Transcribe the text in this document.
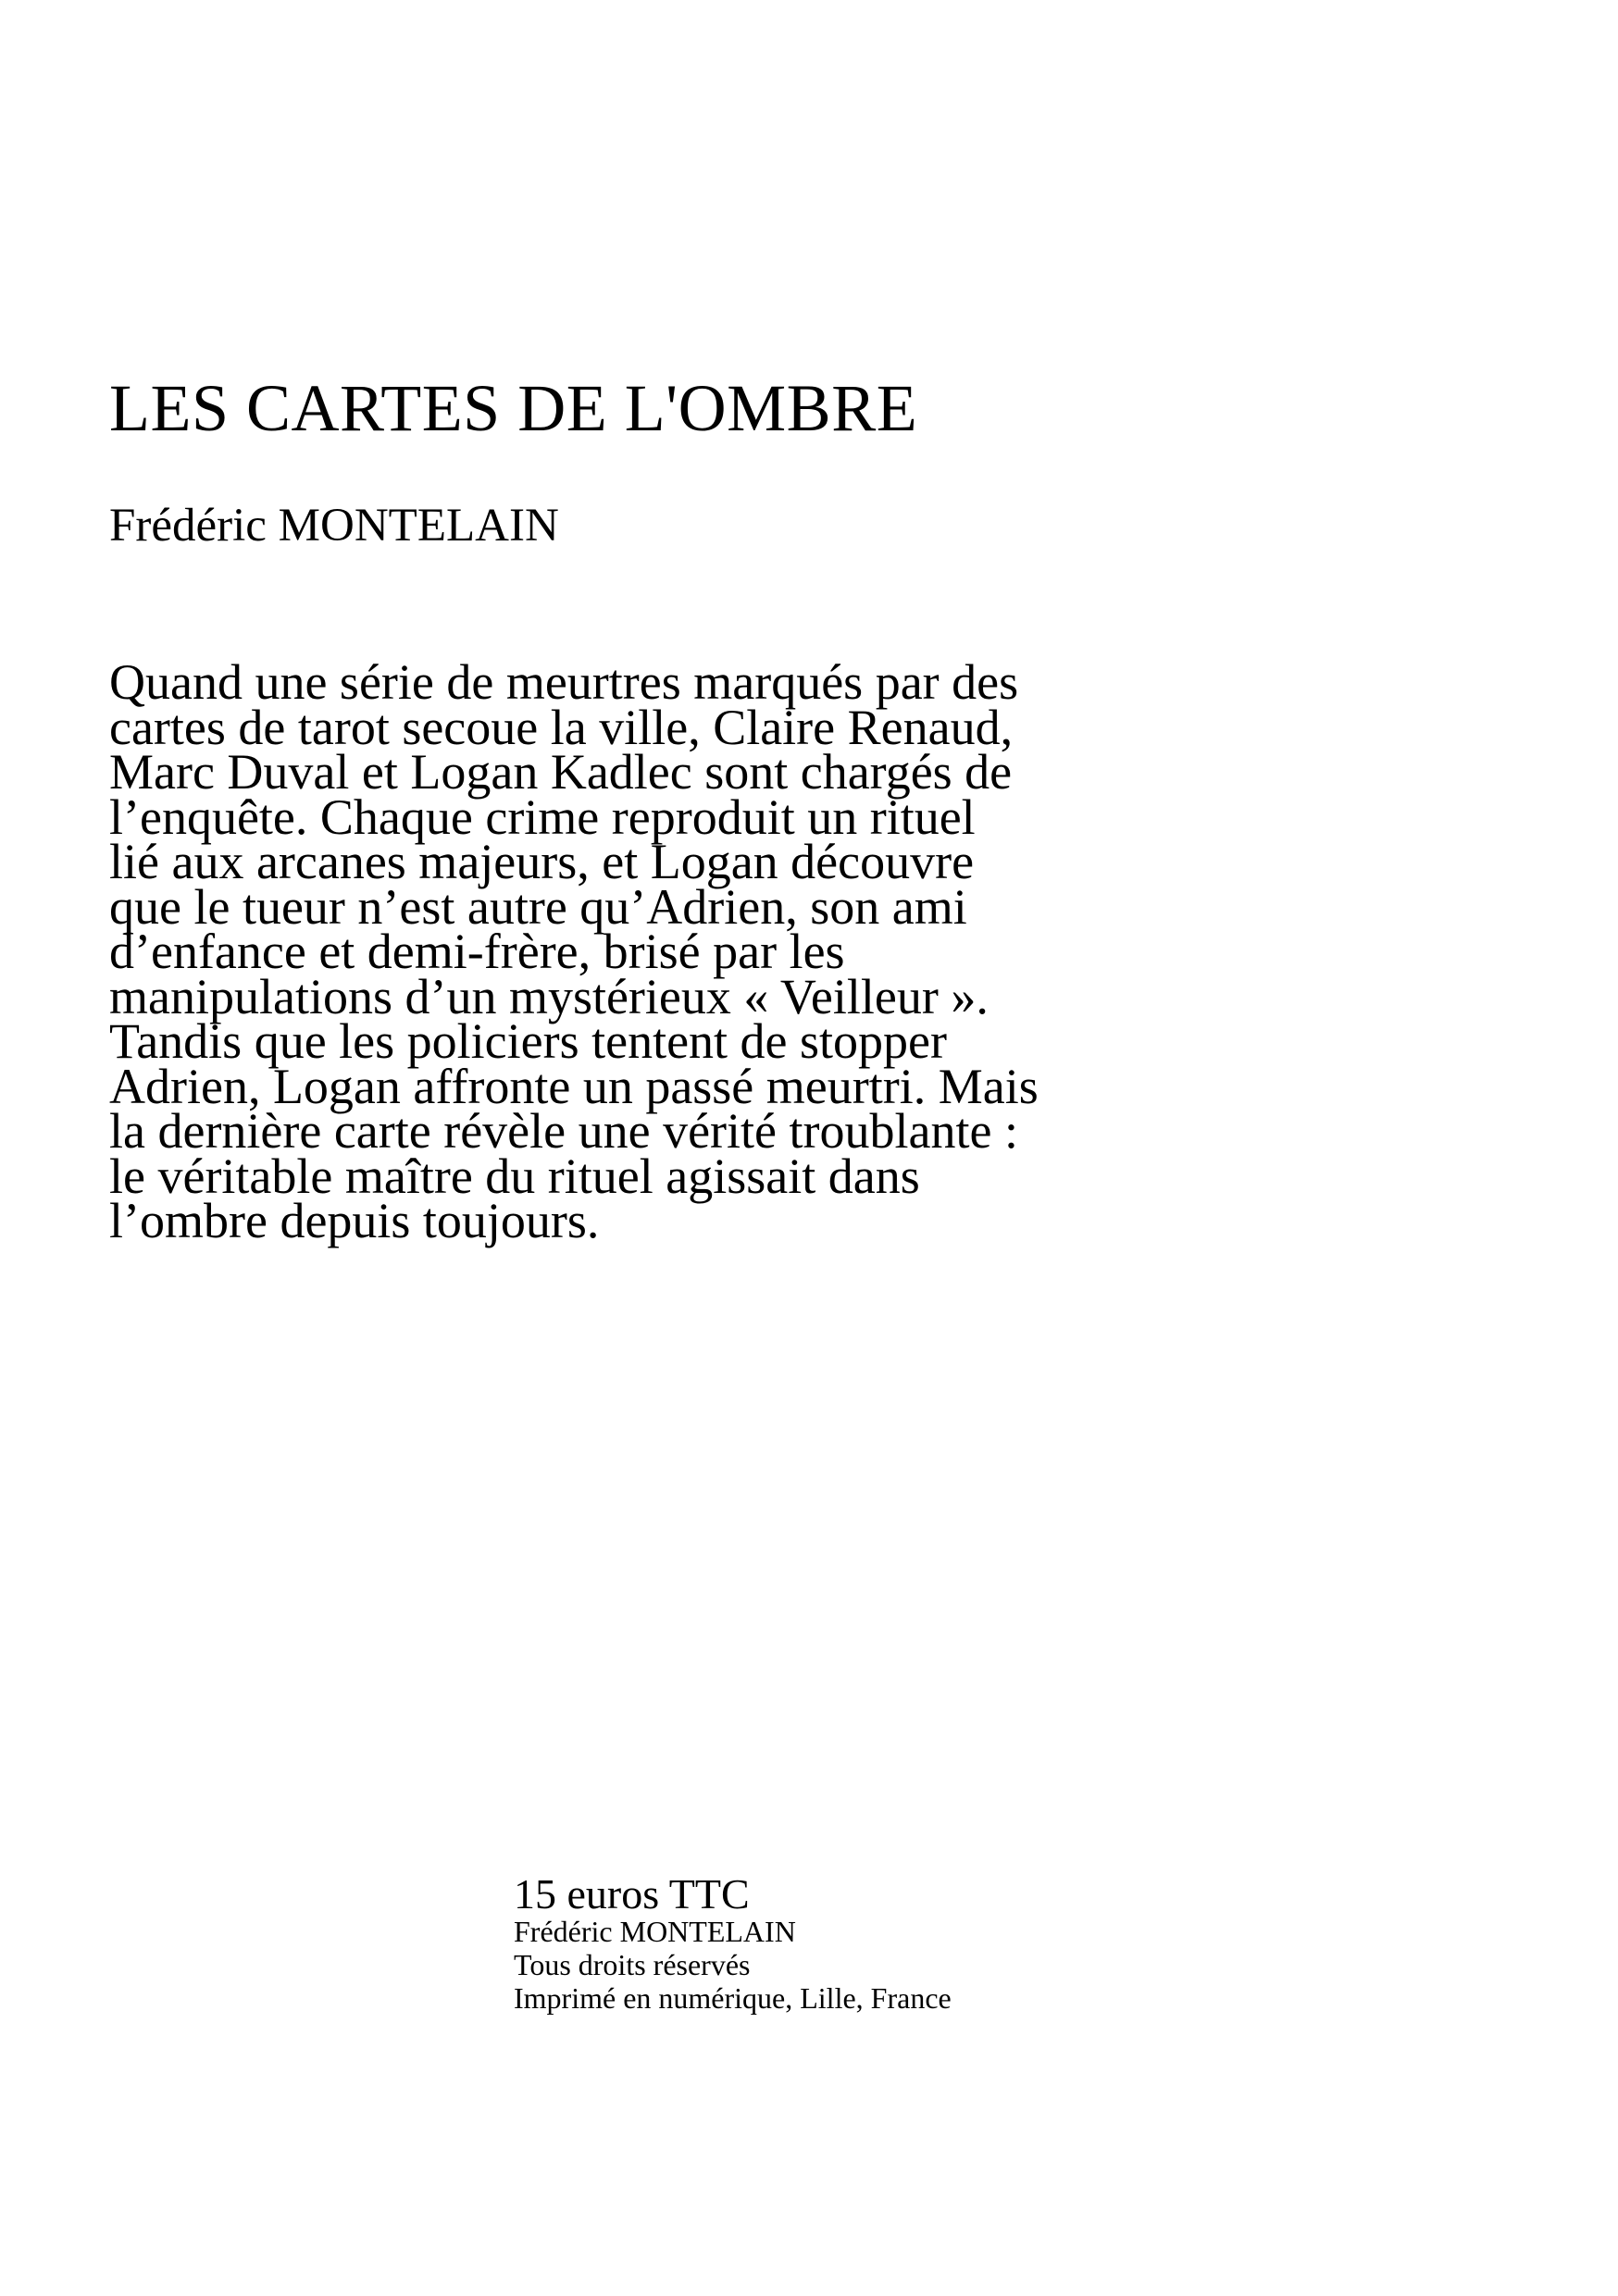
LES CARTES DE L'OMBRE

Frédéric MONTELAIN

Quand une série de meurtres marqués par des
cartes de tarot secoue la ville, Claire Renaud,
Marc Duval et Logan Kadlec sont chargés de
l’enquête. Chaque crime reproduit un rituel
lié aux arcanes majeurs, et Logan découvre
que le tueur n’est autre qu’Adrien, son ami
d’enfance et demi-frère, brisé par les
manipulations d’un mystérieux « Veilleur ».
Tandis que les policiers tentent de stopper
Adrien, Logan affronte un passé meurtri. Mais
la dernière carte révèle une vérité troublante :
le véritable maître du rituel agissait dans
l’ombre depuis toujours.

15 euros TTC
Frédéric MONTELAIN
Tous droits réservés
Imprimé en numérique, Lille, France
